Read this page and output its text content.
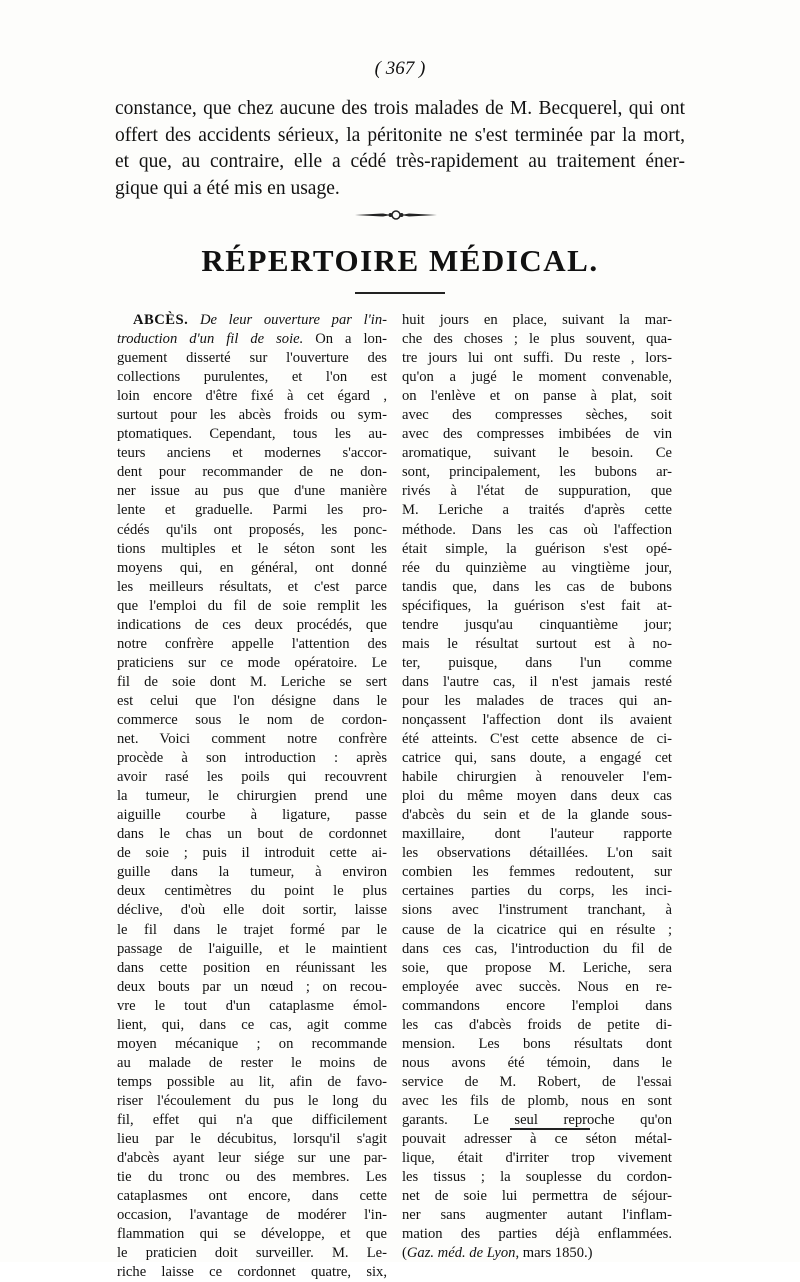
( 367 )
constance, que chez aucune des trois malades de M. Becquerel, qui ont
offert des accidents sérieux, la péritonite ne s'est terminée par la mort,
et que, au contraire, elle a cédé très-rapidement au traitement éner-
gique qui a été mis en usage.
RÉPERTOIRE MÉDICAL.
ABCÈS. De leur ouverture par l'in-
troduction d'un fil de soie. On a lon-
guement disserté sur l'ouverture des
collections purulentes, et l'on est
loin encore d'être fixé à cet égard ,
surtout pour les abcès froids ou sym-
ptomatiques. Cependant, tous les au-
teurs anciens et modernes s'accor-
dent pour recommander de ne don-
ner issue au pus que d'une manière
lente et graduelle. Parmi les pro-
cédés qu'ils ont proposés, les ponc-
tions multiples et le séton sont les
moyens qui, en général, ont donné
les meilleurs résultats, et c'est parce
que l'emploi du fil de soie remplit les
indications de ces deux procédés, que
notre confrère appelle l'attention des
praticiens sur ce mode opératoire. Le
fil de soie dont M. Leriche se sert
est celui que l'on désigne dans le
commerce sous le nom de cordon-
net. Voici comment notre confrère
procède à son introduction : après
avoir rasé les poils qui recouvrent
la tumeur, le chirurgien prend une
aiguille courbe à ligature, passe
dans le chas un bout de cordonnet
de soie ; puis il introduit cette ai-
guille dans la tumeur, à environ
deux centimètres du point le plus
déclive, d'où elle doit sortir, laisse
le fil dans le trajet formé par le
passage de l'aiguille, et le maintient
dans cette position en réunissant les
deux bouts par un nœud ; on recou-
vre le tout d'un cataplasme émol-
lient, qui, dans ce cas, agit comme
moyen mécanique ; on recommande
au malade de rester le moins de
temps possible au lit, afin de favo-
riser l'écoulement du pus le long du
fil, effet qui n'a que difficilement
lieu par le décubitus, lorsqu'il s'agit
d'abcès ayant leur siége sur une par-
tie du tronc ou des membres. Les
cataplasmes ont encore, dans cette
occasion, l'avantage de modérer l'in-
flammation qui se développe, et que
le praticien doit surveiller. M. Le-
riche laisse ce cordonnet quatre, six,
huit jours en place, suivant la mar-
che des choses ; le plus souvent, qua-
tre jours lui ont suffi. Du reste , lors-
qu'on a jugé le moment convenable,
on l'enlève et on panse à plat, soit
avec des compresses sèches, soit
avec des compresses imbibées de vin
aromatique, suivant le besoin. Ce
sont, principalement, les bubons ar-
rivés à l'état de suppuration, que
M. Leriche a traités d'après cette
méthode. Dans les cas où l'affection
était simple, la guérison s'est opé-
rée du quinzième au vingtième jour,
tandis que, dans les cas de bubons
spécifiques, la guérison s'est fait at-
tendre jusqu'au cinquantième jour;
mais le résultat surtout est à no-
ter, puisque, dans l'un comme
dans l'autre cas, il n'est jamais resté
pour les malades de traces qui an-
nonçassent l'affection dont ils avaient
été atteints. C'est cette absence de ci-
catrice qui, sans doute, a engagé cet
habile chirurgien à renouveler l'em-
ploi du même moyen dans deux cas
d'abcès du sein et de la glande sous-
maxillaire, dont l'auteur rapporte
les observations détaillées. L'on sait
combien les femmes redoutent, sur
certaines parties du corps, les inci-
sions avec l'instrument tranchant, à
cause de la cicatrice qui en résulte ;
dans ces cas, l'introduction du fil de
soie, que propose M. Leriche, sera
employée avec succès. Nous en re-
commandons encore l'emploi dans
les cas d'abcès froids de petite di-
mension. Les bons résultats dont
nous avons été témoin, dans le
service de M. Robert, de l'essai
avec les fils de plomb, nous en sont
garants. Le seul reproche qu'on
pouvait adresser à ce séton métal-
lique, était d'irriter trop vivement
les tissus ; la souplesse du cordon-
net de soie lui permettra de séjour-
ner sans augmenter autant l'inflam-
mation des parties déjà enflammées.
(Gaz. méd. de Lyon, mars 1850.)
